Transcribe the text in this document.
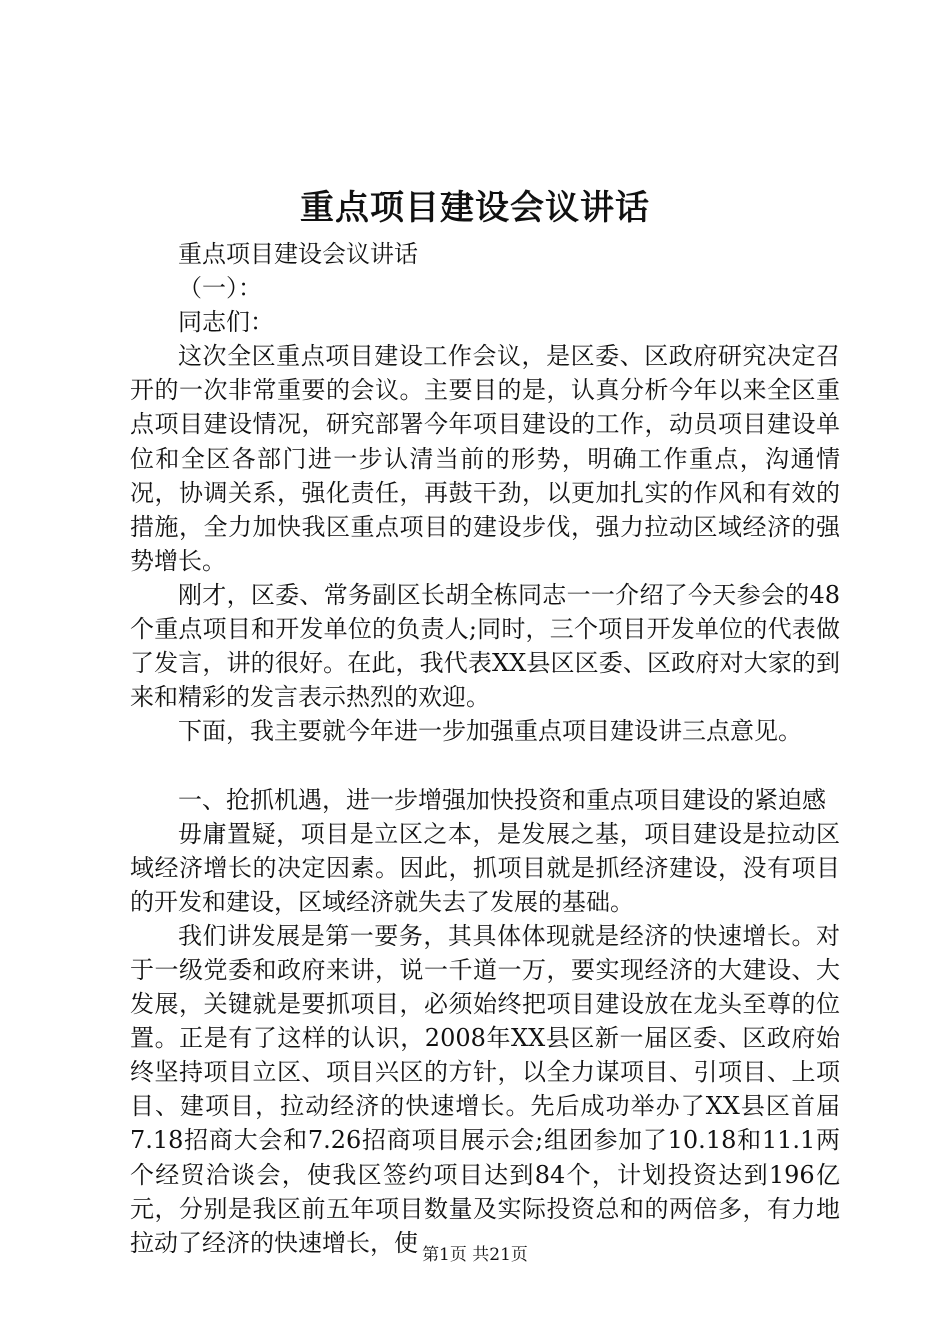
重点项目建设会议讲话

重点项目建设会议讲话

（一）：

同志们：

这次全区重点项目建设工作会议，是区委、区政府研究决定召开的一次非常重要的会议。主要目的是，认真分析今年以来全区重点项目建设情况，研究部署今年项目建设的工作，动员项目建设单位和全区各部门进一步认清当前的形势，明确工作重点，沟通情况，协调关系，强化责任，再鼓干劲，以更加扎实的作风和有效的措施，全力加快我区重点项目的建设步伐，强力拉动区域经济的强势增长。

刚才，区委、常务副区长胡全栋同志一一介绍了今天参会的48个重点项目和开发单位的负责人;同时，三个项目开发单位的代表做了发言，讲的很好。在此，我代表XX县区区委、区政府对大家的到来和精彩的发言表示热烈的欢迎。

下面，我主要就今年进一步加强重点项目建设讲三点意见。

一、抢抓机遇，进一步增强加快投资和重点项目建设的紧迫感

毋庸置疑，项目是立区之本，是发展之基，项目建设是拉动区域经济增长的决定因素。因此，抓项目就是抓经济建设，没有项目的开发和建设，区域经济就失去了发展的基础。

我们讲发展是第一要务，其具体体现就是经济的快速增长。对于一级党委和政府来讲，说一千道一万，要实现经济的大建设、大发展，关键就是要抓项目，必须始终把项目建设放在龙头至尊的位置。正是有了这样的认识，2008年XX县区新一届区委、区政府始终坚持项目立区、项目兴区的方针，以全力谋项目、引项目、上项目、建项目，拉动经济的快速增长。先后成功举办了XX县区首届7.18招商大会和7.26招商项目展示会;组团参加了10.18和11.1两个经贸洽谈会，使我区签约项目达到84个，计划投资达到196亿元，分别是我区前五年项目数量及实际投资总和的两倍多，有力地拉动了经济的快速增长，使 第1页 共21页
